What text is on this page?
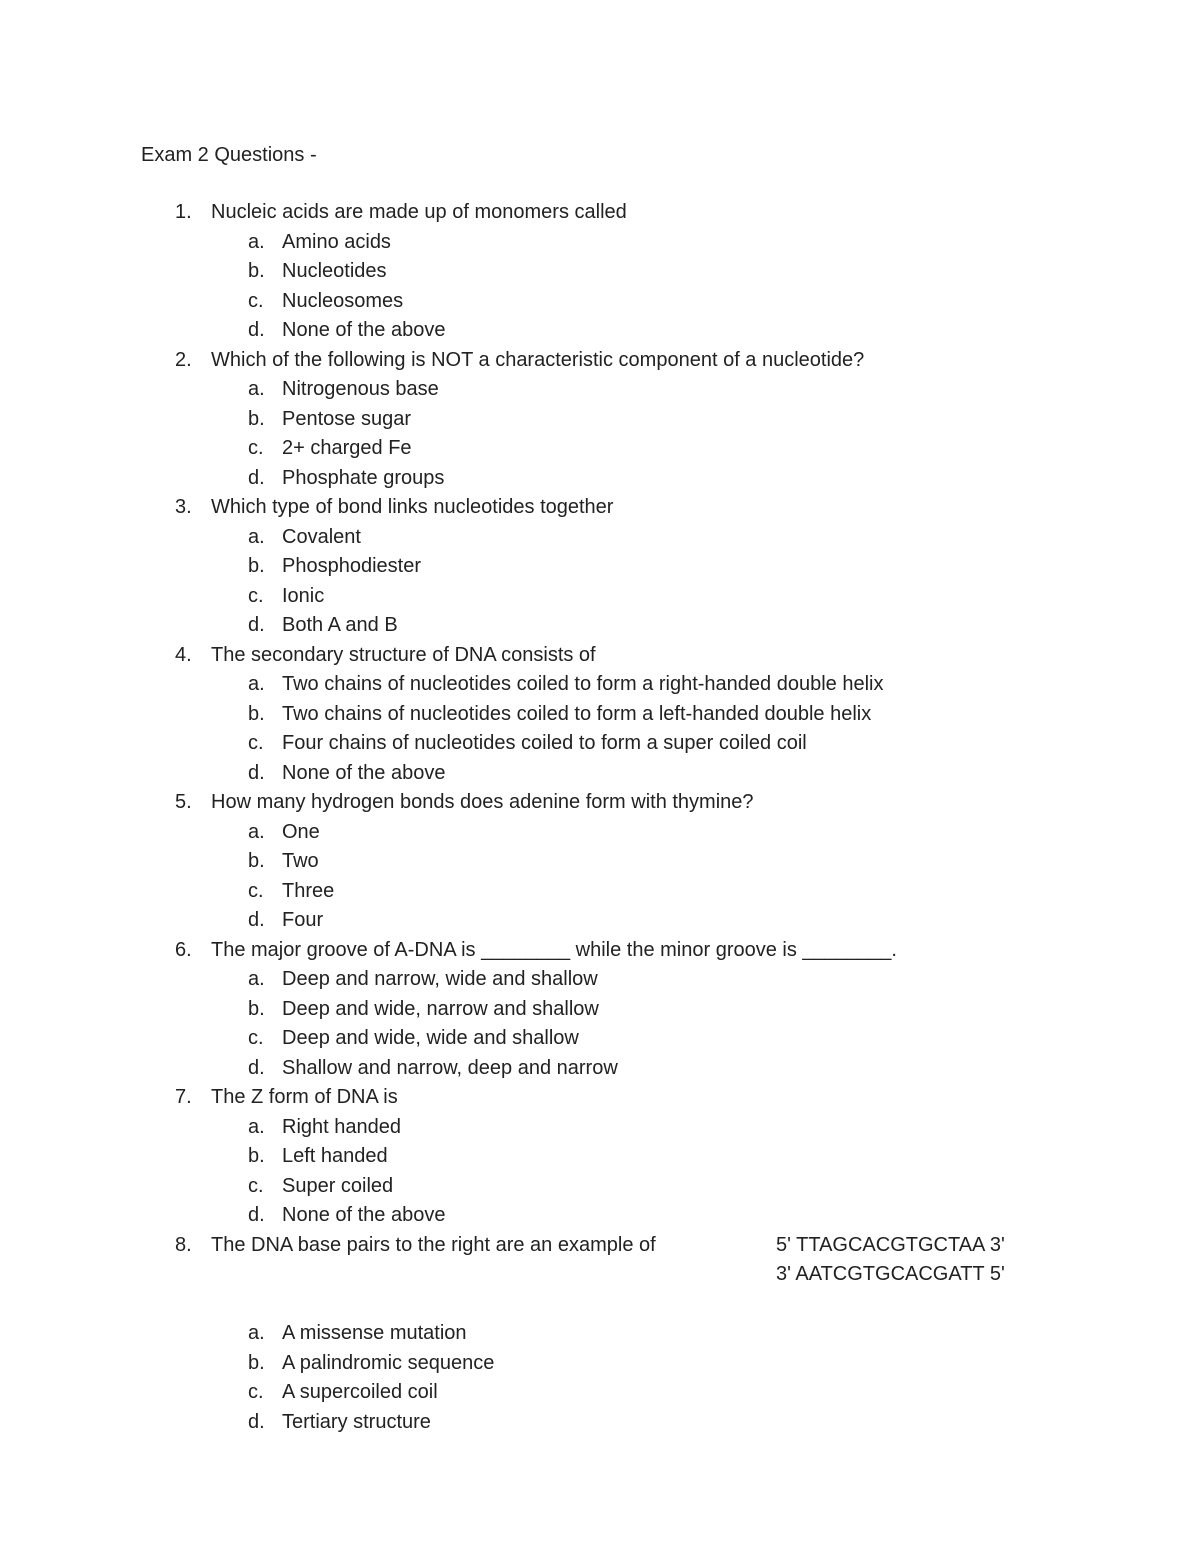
Exam 2 Questions -
1. Nucleic acids are made up of monomers called
a. Amino acids
b. Nucleotides
c. Nucleosomes
d. None of the above
2. Which of the following is NOT a characteristic component of a nucleotide?
a. Nitrogenous base
b. Pentose sugar
c. 2+ charged Fe
d. Phosphate groups
3. Which type of bond links nucleotides together
a. Covalent
b. Phosphodiester
c. Ionic
d. Both A and B
4. The secondary structure of DNA consists of
a. Two chains of nucleotides coiled to form a right-handed double helix
b. Two chains of nucleotides coiled to form a left-handed double helix
c. Four chains of nucleotides coiled to form a super coiled coil
d. None of the above
5. How many hydrogen bonds does adenine form with thymine?
a. One
b. Two
c. Three
d. Four
6. The major groove of A-DNA is ________ while the minor groove is ________.
a. Deep and narrow, wide and shallow
b. Deep and wide, narrow and shallow
c. Deep and wide, wide and shallow
d. Shallow and narrow, deep and narrow
7. The Z form of DNA is
a. Right handed
b. Left handed
c. Super coiled
d. None of the above
8. The DNA base pairs to the right are an example of	5' TTAGCACGTGCTAA 3'
3' AATCGTGCACGATT 5'
a. A missense mutation
b. A palindromic sequence
c. A supercoiled coil
d. Tertiary structure
